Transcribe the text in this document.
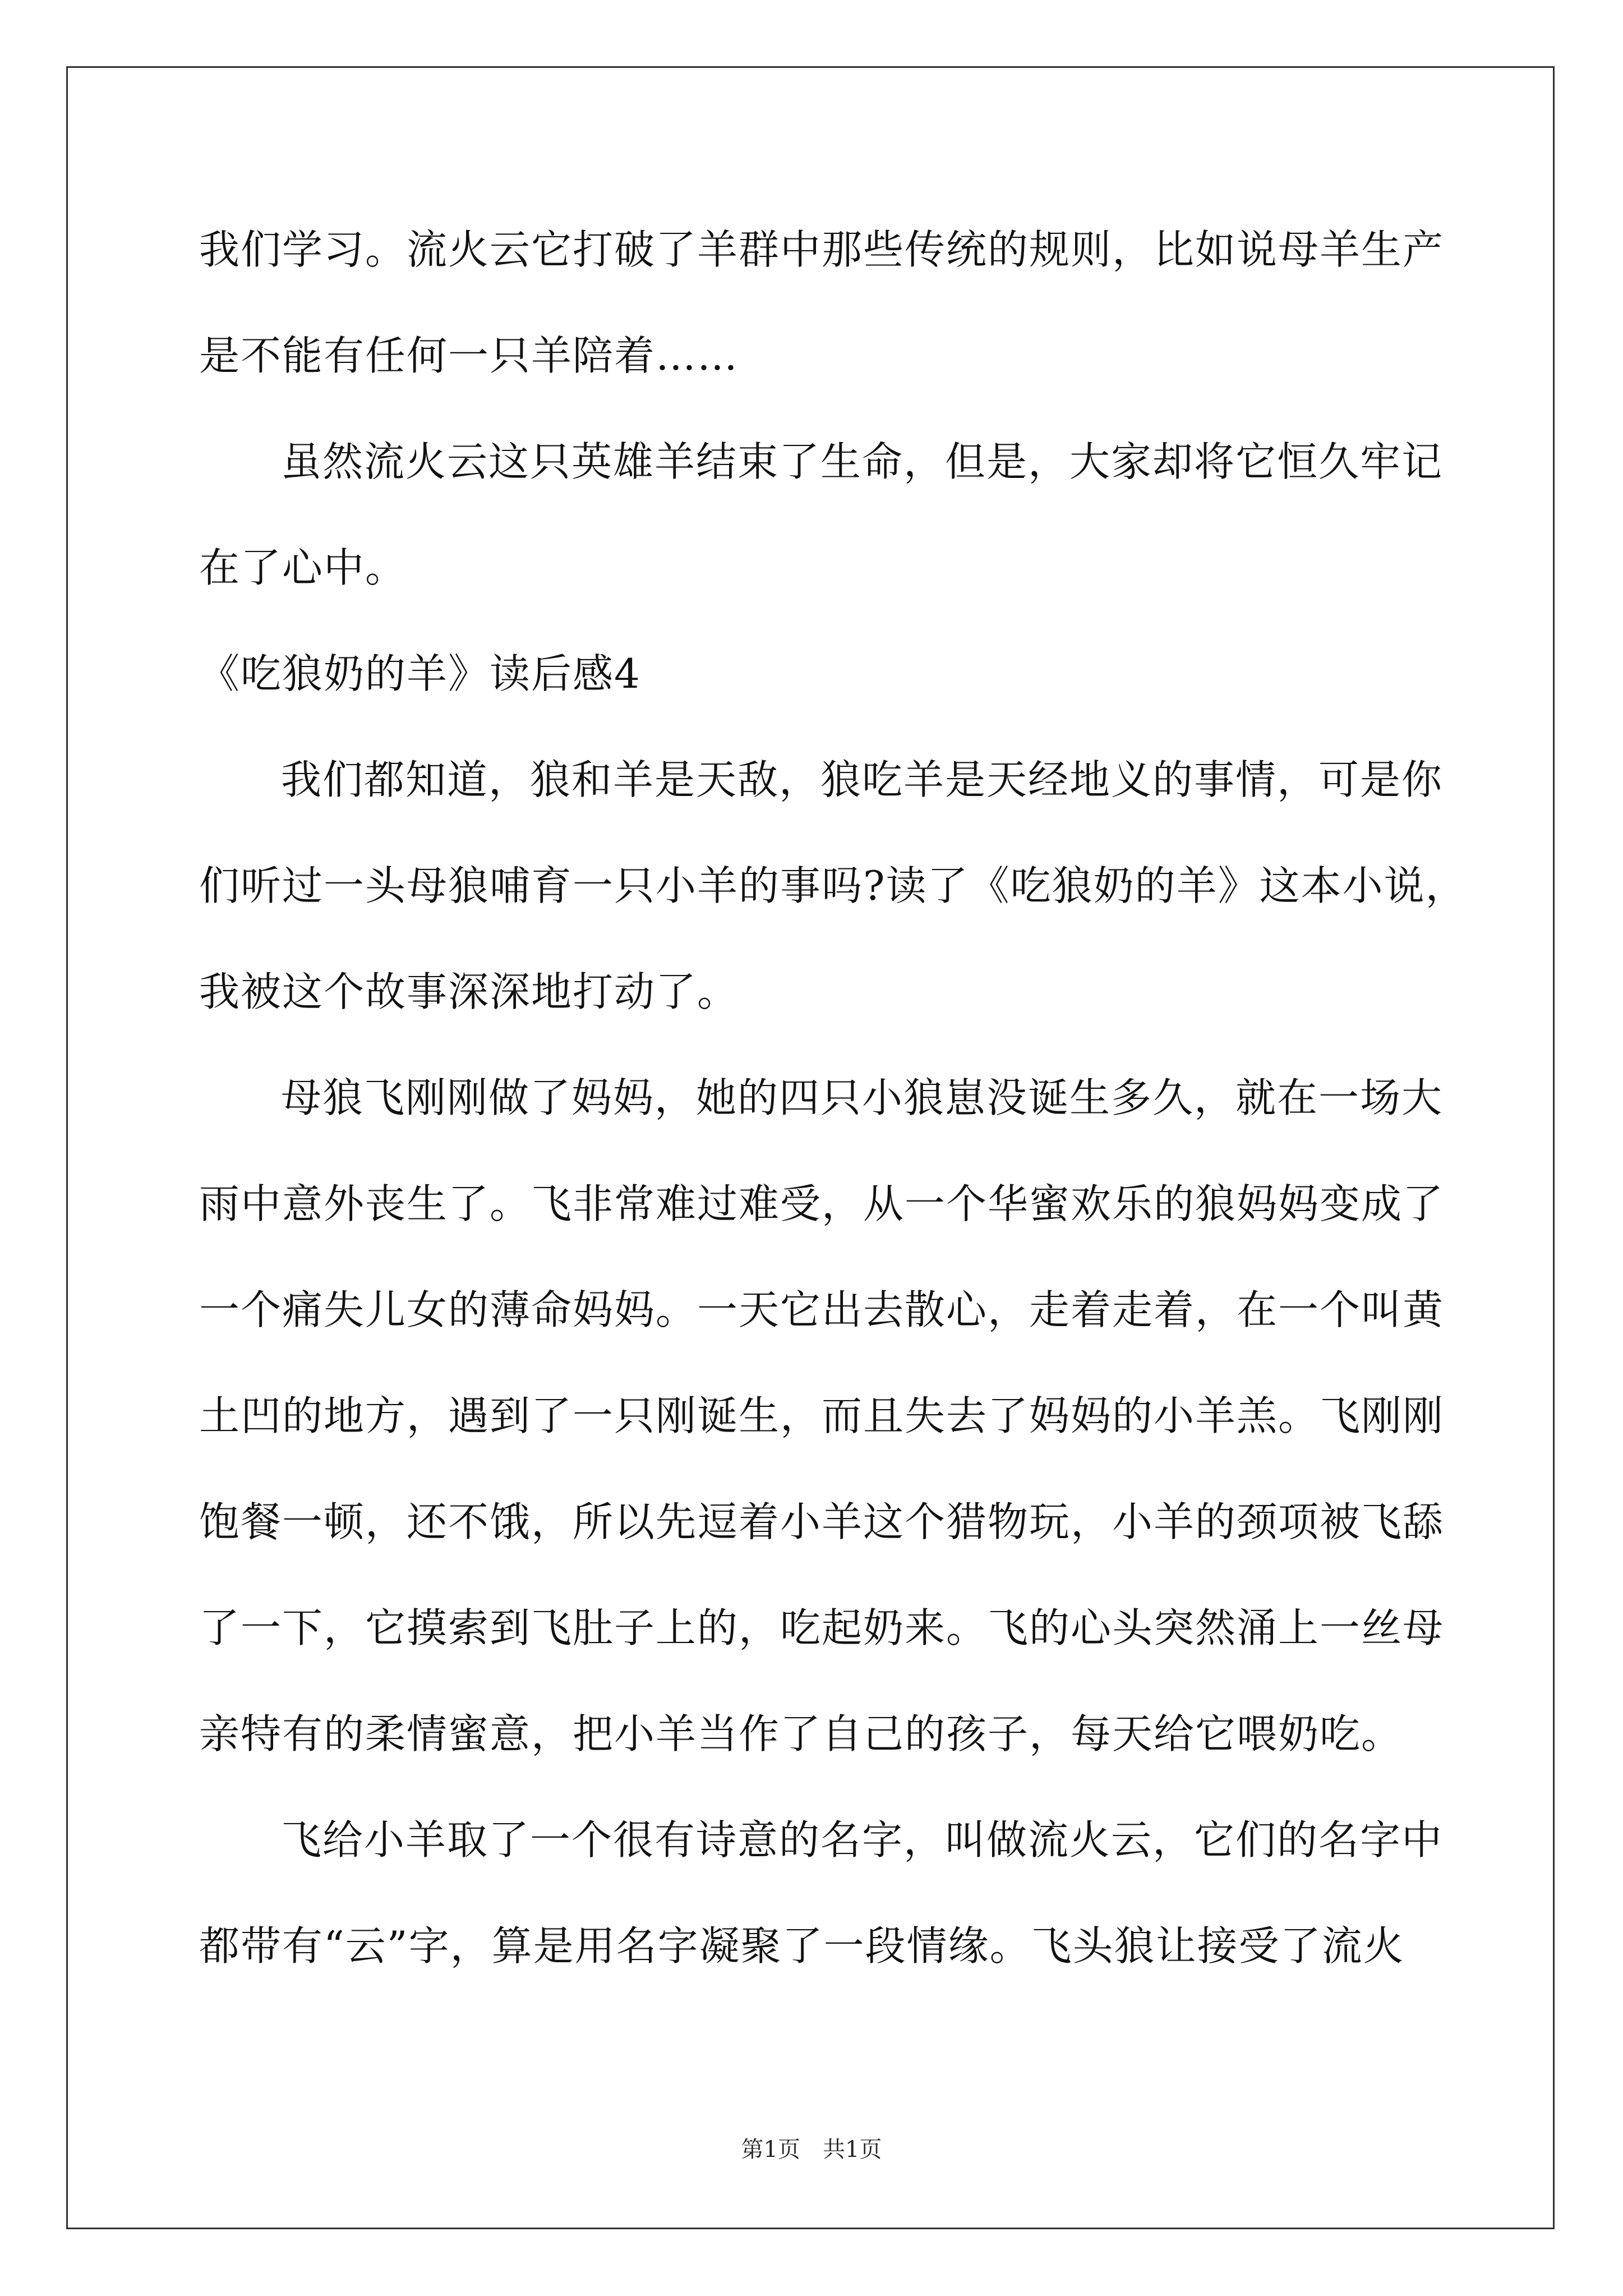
我们学习。流火云它打破了羊群中那些传统的规则，比如说母羊生产
是不能有任何一只羊陪着……
虽然流火云这只英雄羊结束了生命，但是，大家却将它恒久牢记
在了心中。
《吃狼奶的羊》读后感4
我们都知道，狼和羊是天敌，狼吃羊是天经地义的事情，可是你
们听过一头母狼哺育一只小羊的事吗?读了《吃狼奶的羊》这本小说，
我被这个故事深深地打动了。
母狼飞刚刚做了妈妈，她的四只小狼崽没诞生多久，就在一场大
雨中意外丧生了。飞非常难过难受，从一个华蜜欢乐的狼妈妈变成了
一个痛失儿女的薄命妈妈。一天它出去散心，走着走着，在一个叫黄
土凹的地方，遇到了一只刚诞生，而且失去了妈妈的小羊羔。飞刚刚
饱餐一顿，还不饿，所以先逗着小羊这个猎物玩，小羊的颈项被飞舔
了一下，它摸索到飞肚子上的，吃起奶来。飞的心头突然涌上一丝母
亲特有的柔情蜜意，把小羊当作了自己的孩子，每天给它喂奶吃。
飞给小羊取了一个很有诗意的名字，叫做流火云，它们的名字中
都带有“云”字，算是用名字凝聚了一段情缘。飞头狼让接受了流火
第1页　共1页
